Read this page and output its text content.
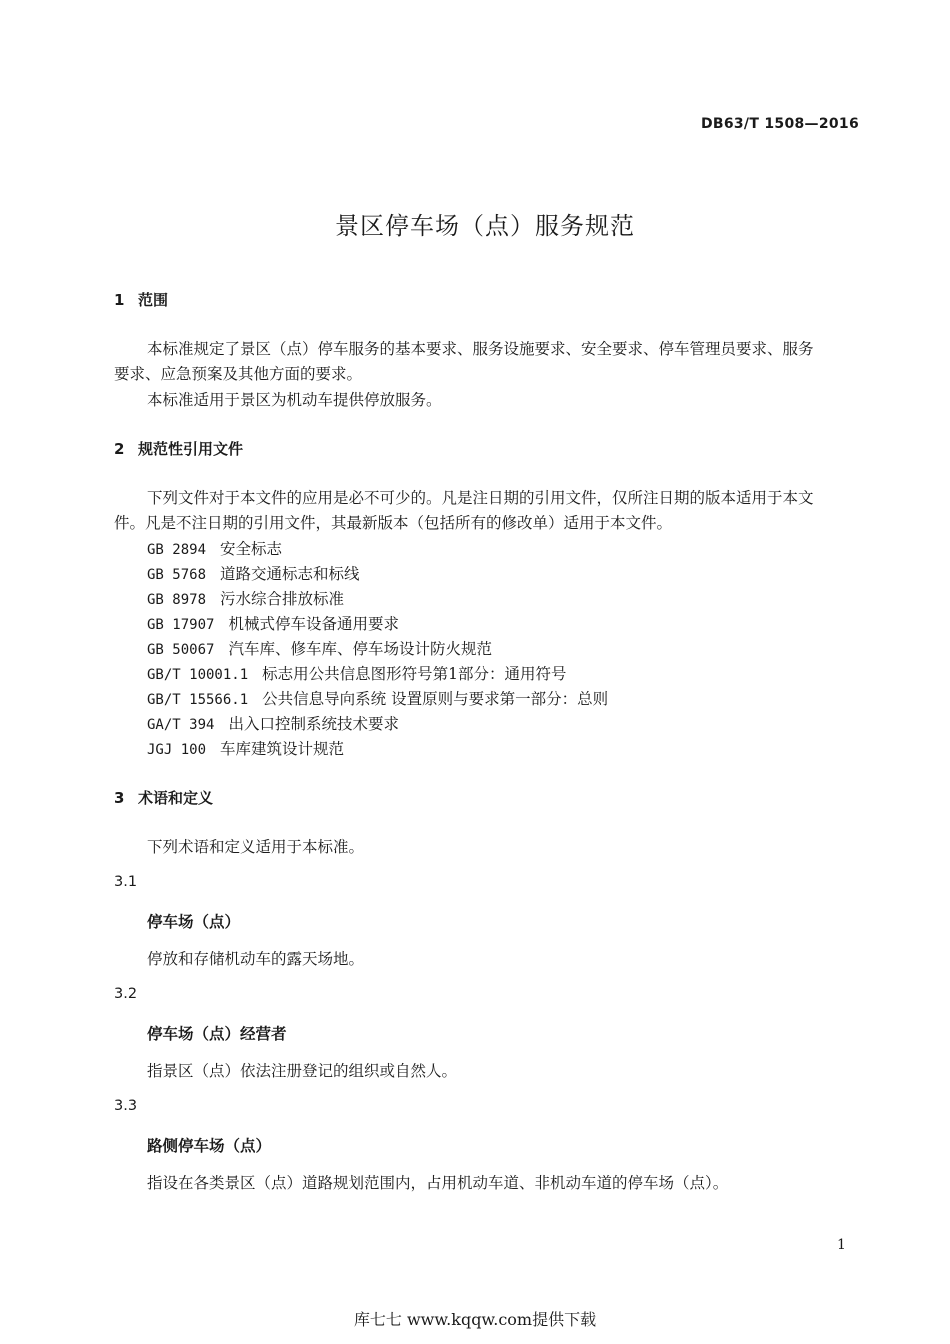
DB63/T 1508—2016
景区停车场（点）服务规范
1 范围
本标准规定了景区（点）停车服务的基本要求、服务设施要求、安全要求、停车管理员要求、服务
要求、应急预案及其他方面的要求。
本标准适用于景区为机动车提供停放服务。
2 规范性引用文件
下列文件对于本文件的应用是必不可少的。凡是注日期的引用文件，仅所注日期的版本适用于本文
件。凡是不注日期的引用文件，其最新版本（包括所有的修改单）适用于本文件。
GB 2894 安全标志
GB 5768 道路交通标志和标线
GB 8978 污水综合排放标准
GB 17907 机械式停车设备通用要求
GB 50067 汽车库、修车库、停车场设计防火规范
GB/T 10001.1 标志用公共信息图形符号第1部分：通用符号
GB/T 15566.1 公共信息导向系统 设置原则与要求第一部分：总则
GA/T 394 出入口控制系统技术要求
JGJ 100 车库建筑设计规范
3 术语和定义
下列术语和定义适用于本标准。
3.1
停车场（点）
停放和存储机动车的露天场地。
3.2
停车场（点）经营者
指景区（点）依法注册登记的组织或自然人。
3.3
路侧停车场（点）
指设在各类景区（点）道路规划范围内，占用机动车道、非机动车道的停车场（点）。
1
库七七 www.kqqw.com提供下载
